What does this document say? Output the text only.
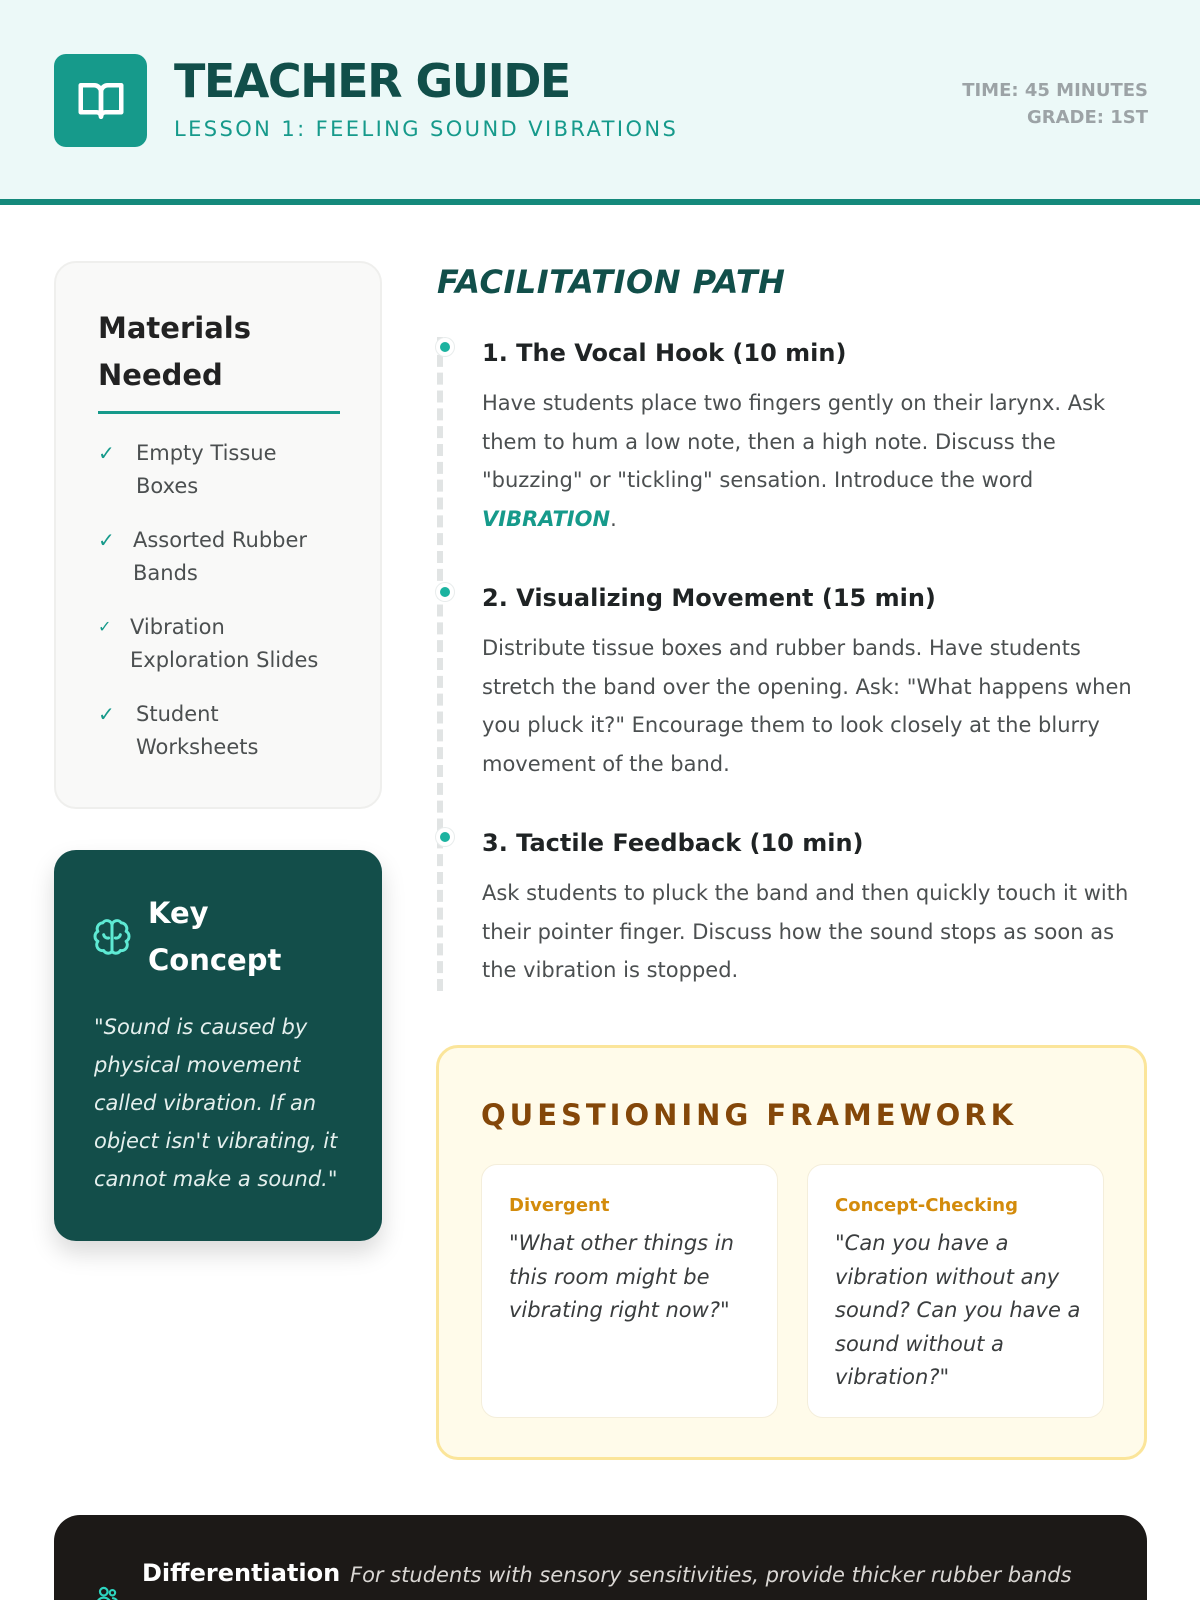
TEACHER GUIDE
LESSON 1: FEELING SOUND VIBRATIONS
TIME: 45 MINUTES
GRADE: 1ST
Materials Needed
✓	Empty Tissue Boxes
✓ Assorted Rubber Bands
✓ Vibration Exploration Slides
✓	Student Worksheets
Key Concept
"Sound is caused by physical movement called vibration. If an object isn't vibrating, it cannot make a sound."
FACILITATION PATH
1. The Vocal Hook (10 min)
Have students place two fingers gently on their larynx. Ask them to hum a low note, then a high note. Discuss the "buzzing" or "tickling" sensation. Introduce the word VIBRATION.
2. Visualizing Movement (15 min)
Distribute tissue boxes and rubber bands. Have students stretch the band over the opening. Ask: "What happens when you pluck it?" Encourage them to look closely at the blurry movement of the band.
3. Tactile Feedback (10 min)
Ask students to pluck the band and then quickly touch it with their pointer finger. Discuss how the sound stops as soon as the vibration is stopped.
QUESTIONING FRAMEWORK
Divergent
"What other things in this room might be vibrating right now?"
Concept-Checking
"Can you have a vibration without any sound? Can you have a sound without a vibration?"
Differentiation For students with sensory sensitivities, provide thicker rubber bands
